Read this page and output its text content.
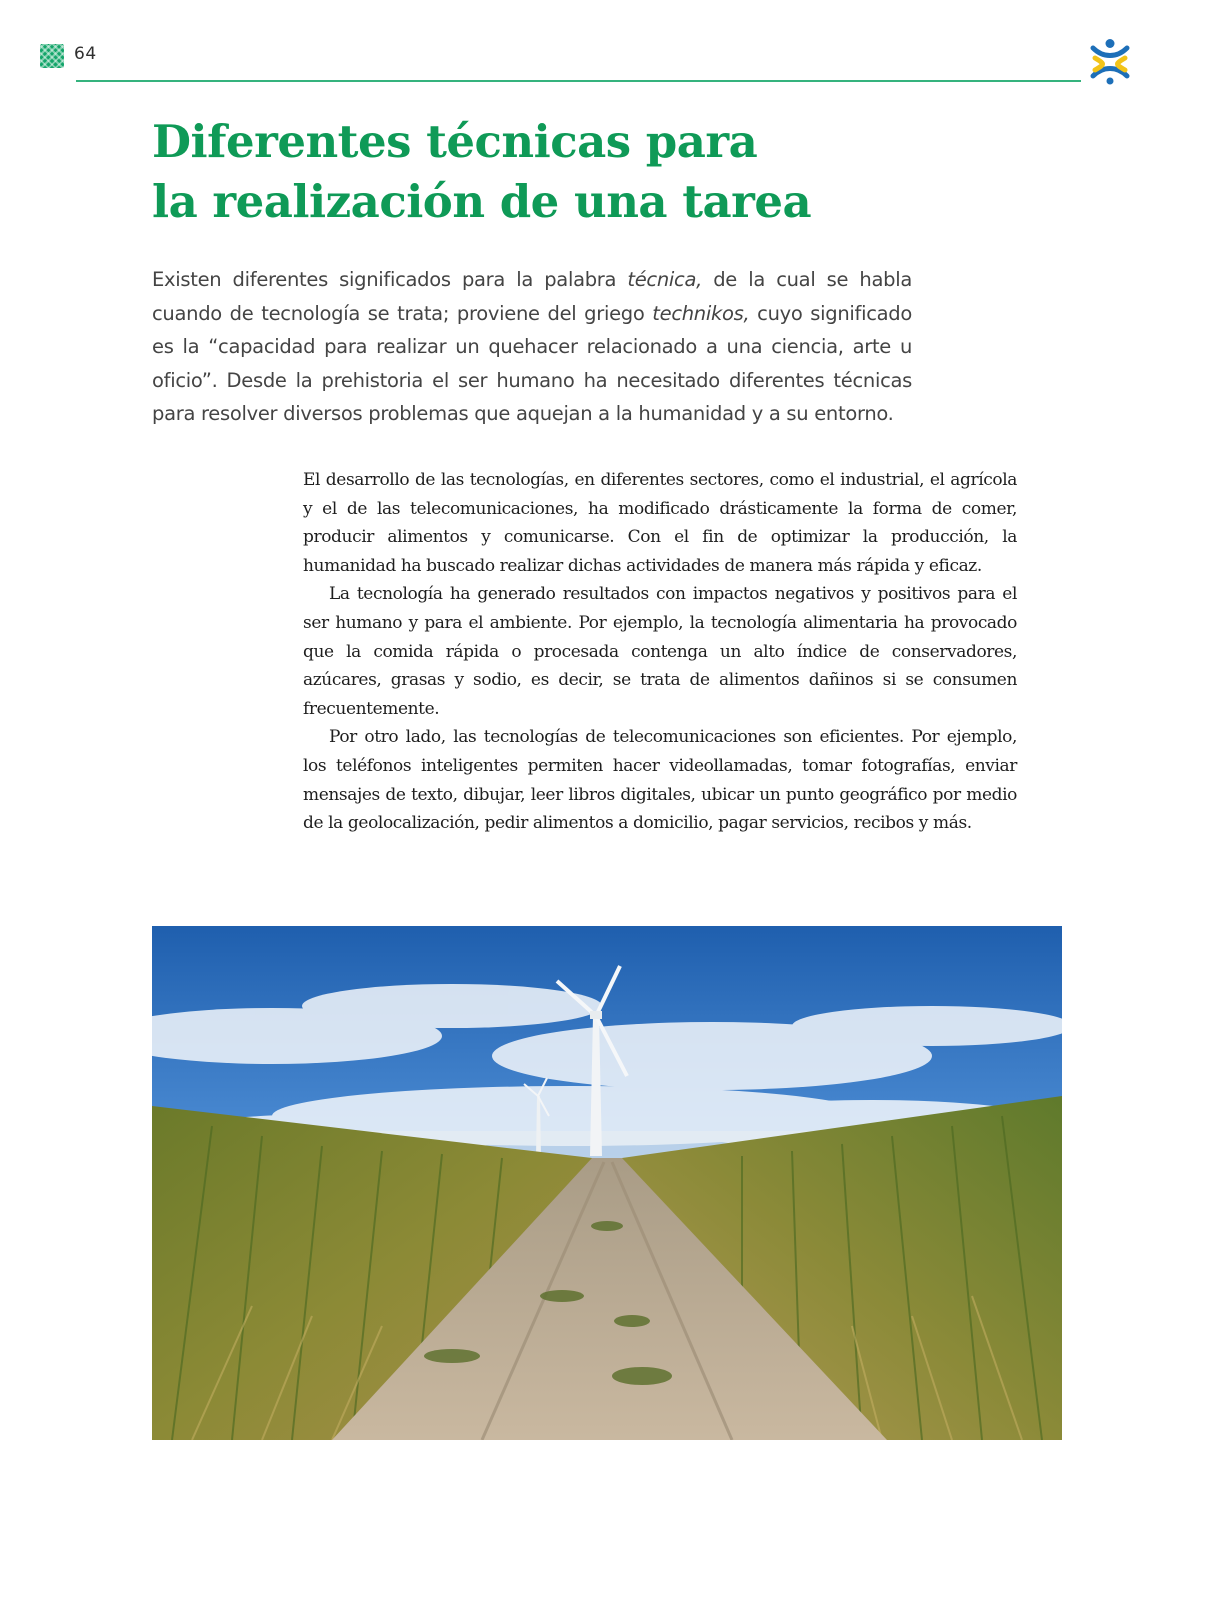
64
Diferentes técnicas para
la realización de una tarea

Existen diferentes significados para la palabra técnica, de la cual se habla cuando de tecnología se trata; proviene del griego technikos, cuyo significado es la “capacidad para realizar un quehacer relacionado a una ciencia, arte u oficio”. Desde la prehistoria el ser humano ha necesitado diferentes técnicas para resolver diversos problemas que aquejan a la humanidad y a su entorno.

El desarrollo de las tecnologías, en diferentes sectores, como el industrial, el agrícola y el de las telecomunicaciones, ha modificado drásticamente la forma de comer, producir alimentos y comunicarse. Con el fin de optimizar la producción, la humanidad ha buscado realizar dichas actividades de manera más rápida y eficaz.

La tecnología ha generado resultados con impactos negativos y positivos para el ser humano y para el ambiente. Por ejemplo, la tecnología alimentaria ha provocado que la comida rápida o procesada contenga un alto índice de conservadores, azúcares, grasas y sodio, es decir, se trata de alimentos dañinos si se consumen frecuentemente.

Por otro lado, las tecnologías de telecomunicaciones son eficientes. Por ejemplo, los teléfonos inteligentes permiten hacer videollamadas, tomar fotografías, enviar mensajes de texto, dibujar, leer libros digitales, ubicar un punto geográfico por medio de la geolocalización, pedir alimentos a domicilio, pagar servicios, recibos y más.
